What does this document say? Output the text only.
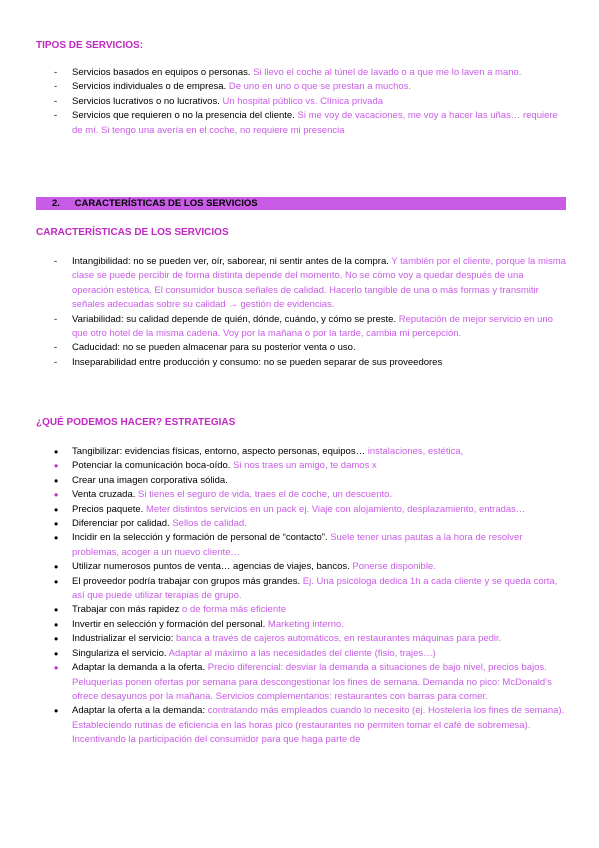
TIPOS DE SERVICIOS:
-
Servicios basados en equipos o personas. Si llevo el coche al túnel de lavado o a que me lo laven a mano.
-
Servicios individuales o de empresa. De uno en uno o que se prestan a muchos.
-
Servicios lucrativos o no lucrativos. Un hospital público vs. Clínica privada
-
Servicios que requieren o no la presencia del cliente. Si me voy de vacaciones, me voy a hacer las uñas… requiere de mí. Si tengo una avería en el coche, no requiere mi presencia
2. CARACTERÍSTICAS DE LOS SERVICIOS
CARACTERÍSTICAS DE LOS SERVICIOS
-
Intangibilidad: no se pueden ver, oír, saborear, ni sentir antes de la compra. Y también por el cliente, porque la misma clase se puede percibir de forma distinta depende del momento. No se cómo voy a quedar después de una operación estética. El consumidor busca señales de calidad. Hacerlo tangible de una o más formas y transmitir señales adecuadas sobre su calidad → gestión de evidencias.
-
Variabilidad: su calidad depende de quién, dónde, cuándo, y cómo se preste. Reputación de mejor servicio en uno que otro hotel de la misma cadena. Voy por la mañana o por la tarde, cambia mi percepción.
-
Caducidad: no se pueden almacenar para su posterior venta o uso.
-
Inseparabilidad entre producción y consumo: no se pueden separar de sus proveedores
¿QUÉ PODEMOS HACER? ESTRATEGIAS
•
Tangibilizar: evidencias físicas, entorno, aspecto personas, equipos… instalaciones, estética,
•
Potenciar la comunicación boca-oído. Si nos traes un amigo, te damos x
•
Crear una imagen corporativa sólida.
•
Venta cruzada. Si tienes el seguro de vida, traes el de coche, un descuento.
•
Precios paquete. Meter distintos servicios en un pack ej. Viaje con alojamiento, desplazamiento, entradas…
•
Diferenciar por calidad. Sellos de calidad.
•
Incidir en la selección y formación de personal de “contacto”. Suele tener unas pautas a la hora de resolver problemas, acoger a un nuevo cliente…
•
Utilizar numerosos puntos de venta… agencias de viajes, bancos. Ponerse disponible.
•
El proveedor podría trabajar con grupos más grandes. Ej. Una psicóloga dedica 1h a cada cliente y se queda corta, así que puede utilizar terapias de grupo.
•
Trabajar con más rapidez o de forma más eficiente
•
Invertir en selección y formación del personal. Marketing interno.
•
Industrializar el servicio: banca a través de cajeros automáticos, en restaurantes máquinas para pedir.
•
Singulariza el servicio. Adaptar al máximo a las necesidades del cliente (fisio, trajes…)
•
Adaptar la demanda a la oferta. Precio diferencial: desviar la demanda a situaciones de bajo nivel, precios bajos. Peluquerías ponen ofertas por semana para descongestionar los fines de semana. Demanda no pico: McDonald’s ofrece desayunos por la mañana. Servicios complementarios: restaurantes con barras para comer.
•
Adaptar la oferta a la demanda: contratando más empleados cuando lo necesito (ej. Hostelería los fines de semana). Estableciendo rutinas de eficiencia en las horas pico (restaurantes no permiten tomar el café de sobremesa). Incentivando la participación del consumidor para que haga parte de
